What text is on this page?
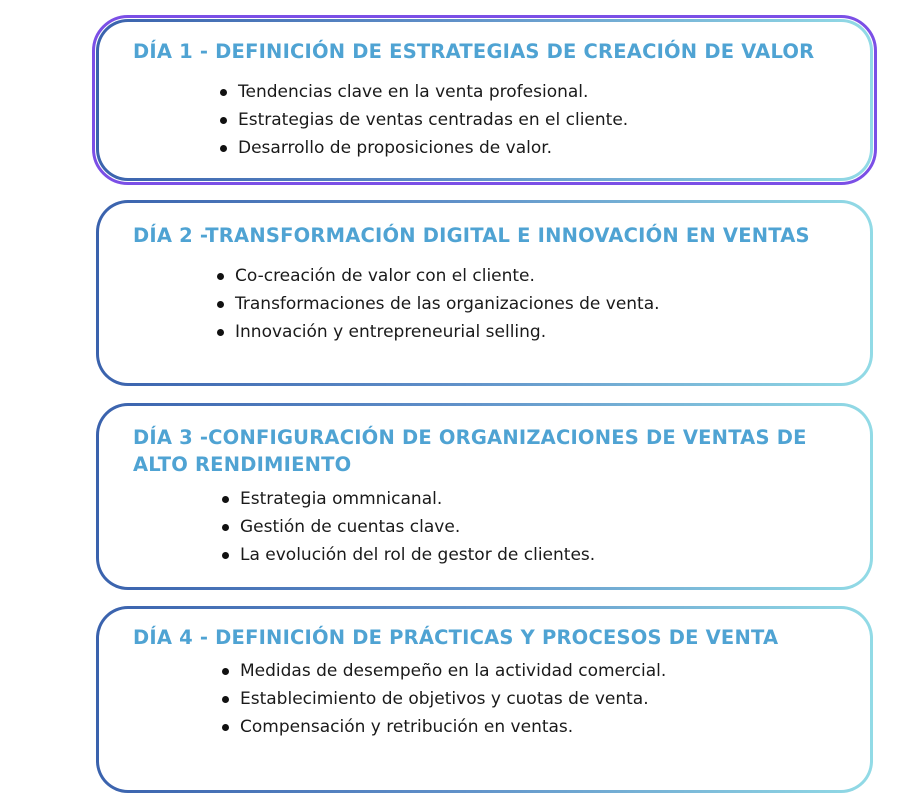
DÍA 1 - DEFINICIÓN DE ESTRATEGIAS DE CREACIÓN DE VALOR
Tendencias clave en la venta profesional.
Estrategias de ventas centradas en el cliente.
Desarrollo de proposiciones de valor.
DÍA 2 -TRANSFORMACIÓN DIGITAL E INNOVACIÓN EN VENTAS
Co-creación de valor con el cliente.
Transformaciones de las organizaciones de venta.
Innovación y entrepreneurial selling.
DÍA 3 -CONFIGURACIÓN DE ORGANIZACIONES DE VENTAS DE ALTO RENDIMIENTO
Estrategia ommnicanal.
Gestión de cuentas clave.
La evolución del rol de gestor de clientes.
DÍA 4 - DEFINICIÓN DE PRÁCTICAS Y PROCESOS DE VENTA
Medidas de desempeño en la actividad comercial.
Establecimiento de objetivos y cuotas de venta.
Compensación y retribución en ventas.
